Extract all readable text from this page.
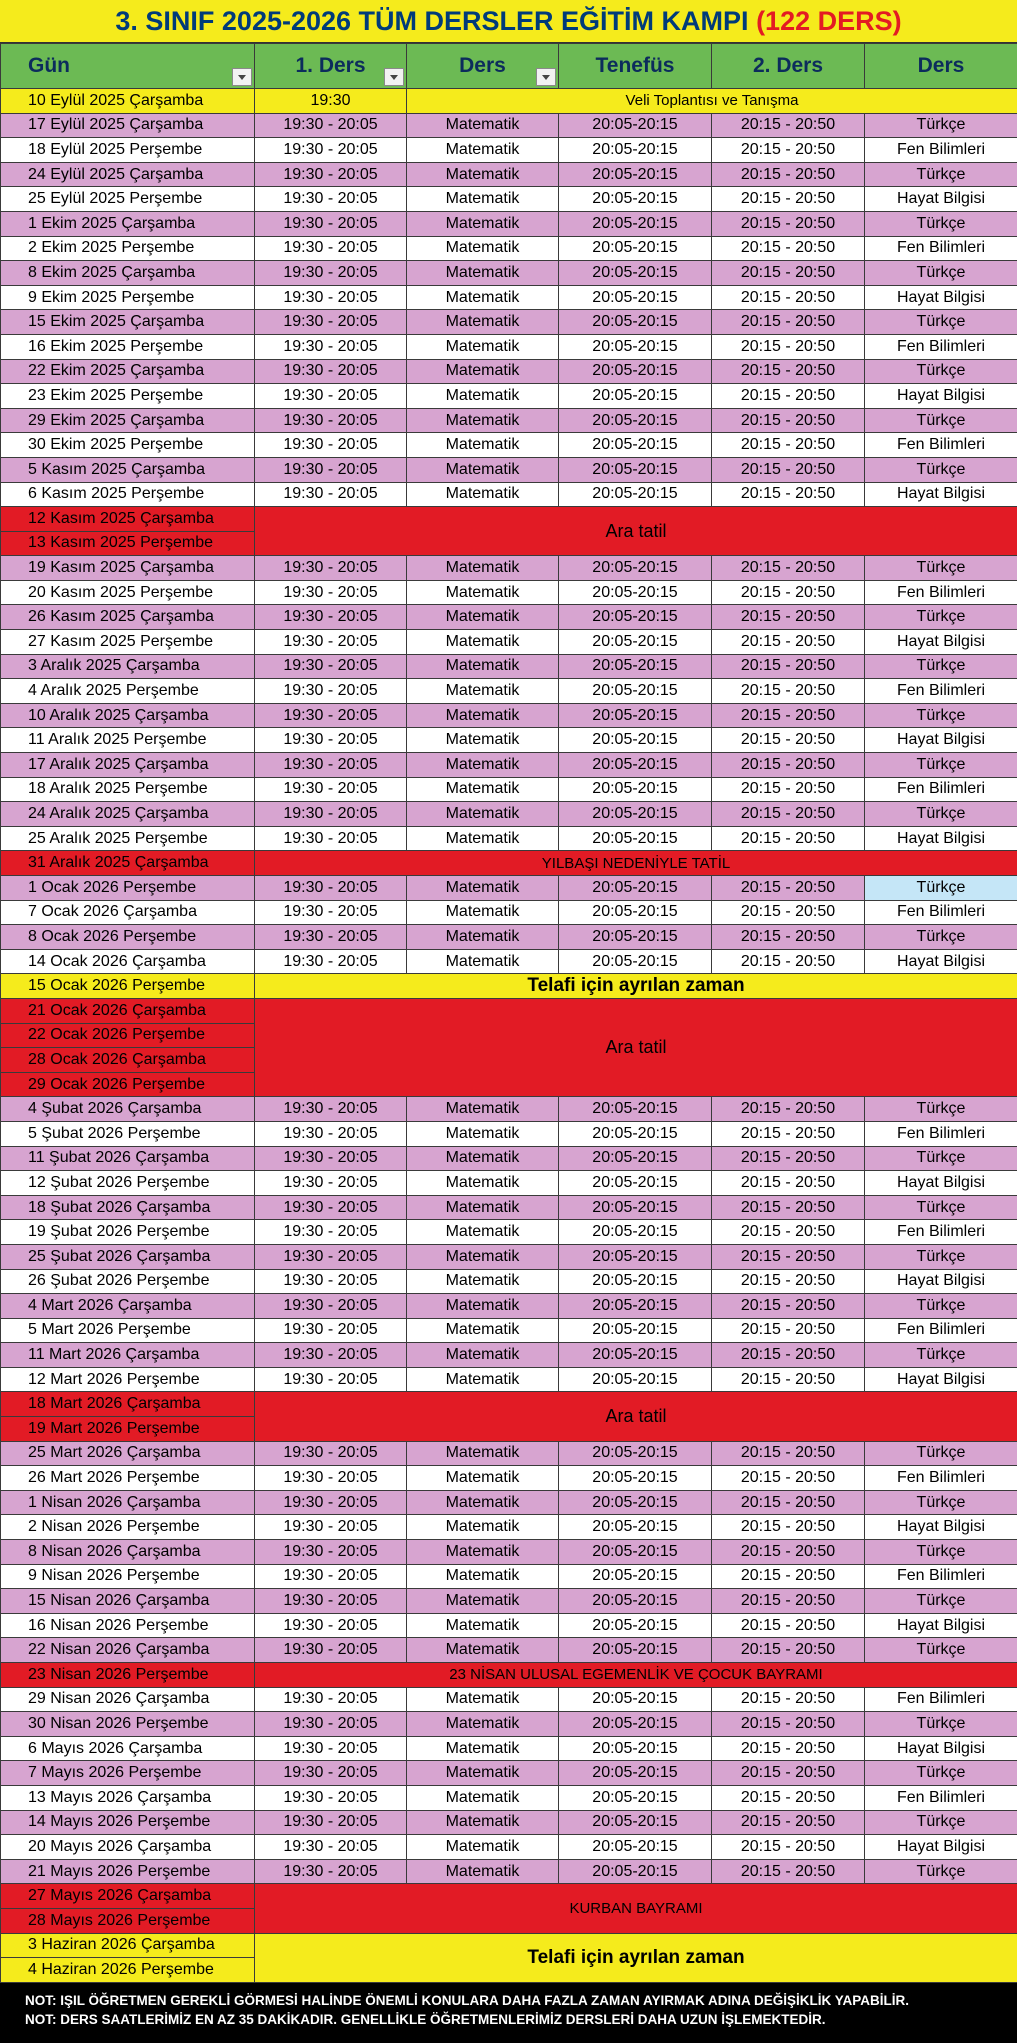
3. SINIF 2025-2026 TÜM DERSLER EĞİTİM KAMPI (122 DERS)
Gün	1. Ders	Ders	Tenefüs	2. Ders	Ders
10 Eylül 2025 Çarşamba	19:30	Veli Toplantısı ve Tanışma			
17 Eylül 2025 Çarşamba	19:30 - 20:05	Matematik	20:05-20:15	20:15 - 20:50	Türkçe
18 Eylül 2025 Perşembe	19:30 - 20:05	Matematik	20:05-20:15	20:15 - 20:50	Fen Bilimleri
24 Eylül 2025 Çarşamba	19:30 - 20:05	Matematik	20:05-20:15	20:15 - 20:50	Türkçe
25 Eylül 2025 Perşembe	19:30 - 20:05	Matematik	20:05-20:15	20:15 - 20:50	Hayat Bilgisi
1 Ekim 2025 Çarşamba	19:30 - 20:05	Matematik	20:05-20:15	20:15 - 20:50	Türkçe
2 Ekim 2025 Perşembe	19:30 - 20:05	Matematik	20:05-20:15	20:15 - 20:50	Fen Bilimleri
8 Ekim 2025 Çarşamba	19:30 - 20:05	Matematik	20:05-20:15	20:15 - 20:50	Türkçe
9 Ekim 2025 Perşembe	19:30 - 20:05	Matematik	20:05-20:15	20:15 - 20:50	Hayat Bilgisi
15 Ekim 2025 Çarşamba	19:30 - 20:05	Matematik	20:05-20:15	20:15 - 20:50	Türkçe
16 Ekim 2025 Perşembe	19:30 - 20:05	Matematik	20:05-20:15	20:15 - 20:50	Fen Bilimleri
22 Ekim 2025 Çarşamba	19:30 - 20:05	Matematik	20:05-20:15	20:15 - 20:50	Türkçe
23 Ekim 2025 Perşembe	19:30 - 20:05	Matematik	20:05-20:15	20:15 - 20:50	Hayat Bilgisi
29 Ekim 2025 Çarşamba	19:30 - 20:05	Matematik	20:05-20:15	20:15 - 20:50	Türkçe
30 Ekim 2025 Perşembe	19:30 - 20:05	Matematik	20:05-20:15	20:15 - 20:50	Fen Bilimleri
5 Kasım 2025 Çarşamba	19:30 - 20:05	Matematik	20:05-20:15	20:15 - 20:50	Türkçe
6 Kasım 2025 Perşembe	19:30 - 20:05	Matematik	20:05-20:15	20:15 - 20:50	Hayat Bilgisi
12 Kasım 2025 Çarşamba	Ara tatil				
13 Kasım 2025 Perşembe					
19 Kasım 2025 Çarşamba	19:30 - 20:05	Matematik	20:05-20:15	20:15 - 20:50	Türkçe
20 Kasım 2025 Perşembe	19:30 - 20:05	Matematik	20:05-20:15	20:15 - 20:50	Fen Bilimleri
26 Kasım 2025 Çarşamba	19:30 - 20:05	Matematik	20:05-20:15	20:15 - 20:50	Türkçe
27 Kasım 2025 Perşembe	19:30 - 20:05	Matematik	20:05-20:15	20:15 - 20:50	Hayat Bilgisi
3 Aralık 2025 Çarşamba	19:30 - 20:05	Matematik	20:05-20:15	20:15 - 20:50	Türkçe
4 Aralık 2025 Perşembe	19:30 - 20:05	Matematik	20:05-20:15	20:15 - 20:50	Fen Bilimleri
10 Aralık 2025 Çarşamba	19:30 - 20:05	Matematik	20:05-20:15	20:15 - 20:50	Türkçe
11 Aralık 2025 Perşembe	19:30 - 20:05	Matematik	20:05-20:15	20:15 - 20:50	Hayat Bilgisi
17 Aralık 2025 Çarşamba	19:30 - 20:05	Matematik	20:05-20:15	20:15 - 20:50	Türkçe
18 Aralık 2025 Perşembe	19:30 - 20:05	Matematik	20:05-20:15	20:15 - 20:50	Fen Bilimleri
24 Aralık 2025 Çarşamba	19:30 - 20:05	Matematik	20:05-20:15	20:15 - 20:50	Türkçe
25 Aralık 2025 Perşembe	19:30 - 20:05	Matematik	20:05-20:15	20:15 - 20:50	Hayat Bilgisi
31 Aralık 2025 Çarşamba	YILBAŞI NEDENİYLE TATİL				
1 Ocak 2026 Perşembe	19:30 - 20:05	Matematik	20:05-20:15	20:15 - 20:50	Türkçe
7 Ocak 2026 Çarşamba	19:30 - 20:05	Matematik	20:05-20:15	20:15 - 20:50	Fen Bilimleri
8 Ocak 2026 Perşembe	19:30 - 20:05	Matematik	20:05-20:15	20:15 - 20:50	Türkçe
14 Ocak 2026 Çarşamba	19:30 - 20:05	Matematik	20:05-20:15	20:15 - 20:50	Hayat Bilgisi
15 Ocak 2026 Perşembe	Telafi için ayrılan zaman				
21 Ocak 2026 Çarşamba	Ara tatil				
22 Ocak 2026 Perşembe					
28 Ocak 2026 Çarşamba					
29 Ocak 2026 Perşembe					
4 Şubat 2026 Çarşamba	19:30 - 20:05	Matematik	20:05-20:15	20:15 - 20:50	Türkçe
5 Şubat 2026 Perşembe	19:30 - 20:05	Matematik	20:05-20:15	20:15 - 20:50	Fen Bilimleri
11 Şubat 2026 Çarşamba	19:30 - 20:05	Matematik	20:05-20:15	20:15 - 20:50	Türkçe
12 Şubat 2026 Perşembe	19:30 - 20:05	Matematik	20:05-20:15	20:15 - 20:50	Hayat Bilgisi
18 Şubat 2026 Çarşamba	19:30 - 20:05	Matematik	20:05-20:15	20:15 - 20:50	Türkçe
19 Şubat 2026 Perşembe	19:30 - 20:05	Matematik	20:05-20:15	20:15 - 20:50	Fen Bilimleri
25 Şubat 2026 Çarşamba	19:30 - 20:05	Matematik	20:05-20:15	20:15 - 20:50	Türkçe
26 Şubat 2026 Perşembe	19:30 - 20:05	Matematik	20:05-20:15	20:15 - 20:50	Hayat Bilgisi
4 Mart 2026 Çarşamba	19:30 - 20:05	Matematik	20:05-20:15	20:15 - 20:50	Türkçe
5 Mart 2026 Perşembe	19:30 - 20:05	Matematik	20:05-20:15	20:15 - 20:50	Fen Bilimleri
11 Mart 2026 Çarşamba	19:30 - 20:05	Matematik	20:05-20:15	20:15 - 20:50	Türkçe
12 Mart 2026 Perşembe	19:30 - 20:05	Matematik	20:05-20:15	20:15 - 20:50	Hayat Bilgisi
18 Mart 2026 Çarşamba	Ara tatil				
19 Mart 2026 Perşembe					
25 Mart 2026 Çarşamba	19:30 - 20:05	Matematik	20:05-20:15	20:15 - 20:50	Türkçe
26 Mart 2026 Perşembe	19:30 - 20:05	Matematik	20:05-20:15	20:15 - 20:50	Fen Bilimleri
1 Nisan 2026 Çarşamba	19:30 - 20:05	Matematik	20:05-20:15	20:15 - 20:50	Türkçe
2 Nisan 2026 Perşembe	19:30 - 20:05	Matematik	20:05-20:15	20:15 - 20:50	Hayat Bilgisi
8 Nisan 2026 Çarşamba	19:30 - 20:05	Matematik	20:05-20:15	20:15 - 20:50	Türkçe
9 Nisan 2026 Perşembe	19:30 - 20:05	Matematik	20:05-20:15	20:15 - 20:50	Fen Bilimleri
15 Nisan 2026 Çarşamba	19:30 - 20:05	Matematik	20:05-20:15	20:15 - 20:50	Türkçe
16 Nisan 2026 Perşembe	19:30 - 20:05	Matematik	20:05-20:15	20:15 - 20:50	Hayat Bilgisi
22 Nisan 2026 Çarşamba	19:30 - 20:05	Matematik	20:05-20:15	20:15 - 20:50	Türkçe
23 Nisan 2026 Perşembe	23 NİSAN ULUSAL EGEMENLİK VE ÇOCUK BAYRAMI				
29 Nisan 2026 Çarşamba	19:30 - 20:05	Matematik	20:05-20:15	20:15 - 20:50	Fen Bilimleri
30 Nisan 2026 Perşembe	19:30 - 20:05	Matematik	20:05-20:15	20:15 - 20:50	Türkçe
6 Mayıs 2026 Çarşamba	19:30 - 20:05	Matematik	20:05-20:15	20:15 - 20:50	Hayat Bilgisi
7 Mayıs 2026 Perşembe	19:30 - 20:05	Matematik	20:05-20:15	20:15 - 20:50	Türkçe
13 Mayıs 2026 Çarşamba	19:30 - 20:05	Matematik	20:05-20:15	20:15 - 20:50	Fen Bilimleri
14 Mayıs 2026 Perşembe	19:30 - 20:05	Matematik	20:05-20:15	20:15 - 20:50	Türkçe
20 Mayıs 2026 Çarşamba	19:30 - 20:05	Matematik	20:05-20:15	20:15 - 20:50	Hayat Bilgisi
21 Mayıs 2026 Perşembe	19:30 - 20:05	Matematik	20:05-20:15	20:15 - 20:50	Türkçe
27 Mayıs 2026 Çarşamba	KURBAN BAYRAMI				
28 Mayıs 2026 Perşembe					
3 Haziran 2026 Çarşamba	Telafi için ayrılan zaman				
4 Haziran 2026 Perşembe					
NOT: IŞIL ÖĞRETMEN GEREKLİ GÖRMESİ HALİNDE ÖNEMLİ KONULARA DAHA FAZLA ZAMAN AYIRMAK ADINA DEĞİŞİKLİK YAPABİLİR.
NOT: DERS SAATLERİMİZ EN AZ 35 DAKİKADIR. GENELLİKLE ÖĞRETMENLERİMİZ DERSLERİ DAHA UZUN İŞLEMEKTEDİR.
